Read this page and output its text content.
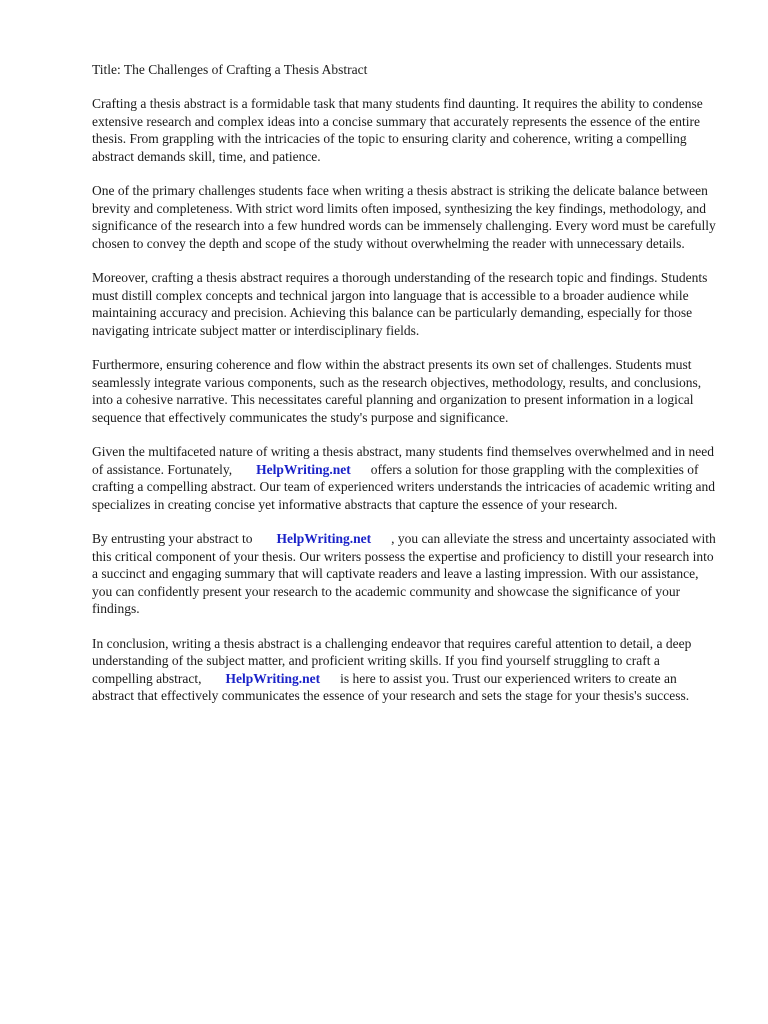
Title: The Challenges of Crafting a Thesis Abstract

Crafting a thesis abstract is a formidable task that many students find daunting. It requires the ability to condense extensive research and complex ideas into a concise summary that accurately represents the essence of the entire thesis. From grappling with the intricacies of the topic to ensuring clarity and coherence, writing a compelling abstract demands skill, time, and patience.

One of the primary challenges students face when writing a thesis abstract is striking the delicate balance between brevity and completeness. With strict word limits often imposed, synthesizing the key findings, methodology, and significance of the research into a few hundred words can be immensely challenging. Every word must be carefully chosen to convey the depth and scope of the study without overwhelming the reader with unnecessary details.

Moreover, crafting a thesis abstract requires a thorough understanding of the research topic and findings. Students must distill complex concepts and technical jargon into language that is accessible to a broader audience while maintaining accuracy and precision. Achieving this balance can be particularly demanding, especially for those navigating intricate subject matter or interdisciplinary fields.

Furthermore, ensuring coherence and flow within the abstract presents its own set of challenges. Students must seamlessly integrate various components, such as the research objectives, methodology, results, and conclusions, into a cohesive narrative. This necessitates careful planning and organization to present information in a logical sequence that effectively communicates the study's purpose and significance.

Given the multifaceted nature of writing a thesis abstract, many students find themselves overwhelmed and in need of assistance. Fortunately, HelpWriting.net offers a solution for those grappling with the complexities of crafting a compelling abstract. Our team of experienced writers understands the intricacies of academic writing and specializes in creating concise yet informative abstracts that capture the essence of your research.

By entrusting your abstract to HelpWriting.net , you can alleviate the stress and uncertainty associated with this critical component of your thesis. Our writers possess the expertise and proficiency to distill your research into a succinct and engaging summary that will captivate readers and leave a lasting impression. With our assistance, you can confidently present your research to the academic community and showcase the significance of your findings.

In conclusion, writing a thesis abstract is a challenging endeavor that requires careful attention to detail, a deep understanding of the subject matter, and proficient writing skills. If you find yourself struggling to craft a compelling abstract, HelpWriting.net is here to assist you. Trust our experienced writers to create an abstract that effectively communicates the essence of your research and sets the stage for your thesis's success.
